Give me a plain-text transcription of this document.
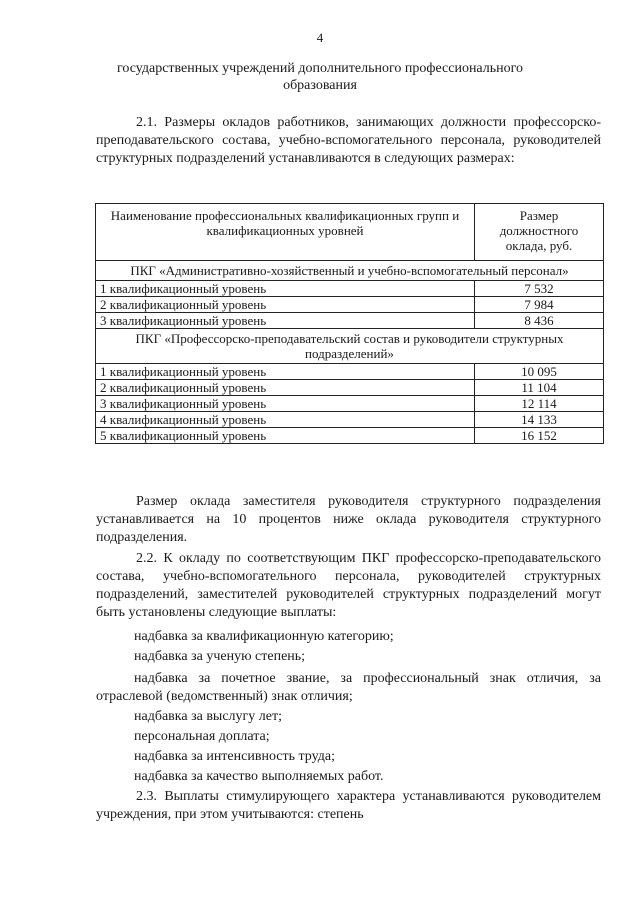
4
государственных учреждений дополнительного профессионального образования
2.1. Размеры окладов работников, занимающих должности профессорско-преподавательского состава, учебно-вспомогательного персонала, руководителей структурных подразделений устанавливаются в следующих размерах:
Наименование профессиональных квалификационных групп и квалификационных уровней	Размер должностного оклада, руб.
ПКГ «Административно-хозяйственный и учебно-вспомогательный персонал»	
1 квалификационный уровень	7 532
2 квалификационный уровень	7 984
3 квалификационный уровень	8 436
ПКГ «Профессорско-преподавательский состав и руководители структурных подразделений»	
1 квалификационный уровень	10 095
2 квалификационный уровень	11 104
3 квалификационный уровень	12 114
4 квалификационный уровень	14 133
5 квалификационный уровень	16 152
Размер оклада заместителя руководителя структурного подразделения устанавливается на 10 процентов ниже оклада руководителя структурного подразделения.
2.2. К окладу по соответствующим ПКГ профессорско-преподавательского состава, учебно-вспомогательного персонала, руководителей структурных подразделений, заместителей руководителей структурных подразделений могут быть установлены следующие выплаты:
надбавка за квалификационную категорию;
надбавка за ученую степень;
надбавка за почетное звание, за профессиональный знак отличия, за отраслевой (ведомственный) знак отличия;
надбавка за выслугу лет;
персональная доплата;
надбавка за интенсивность труда;
надбавка за качество выполняемых работ.
2.3. Выплаты стимулирующего характера устанавливаются руководителем учреждения, при этом учитываются: степень
